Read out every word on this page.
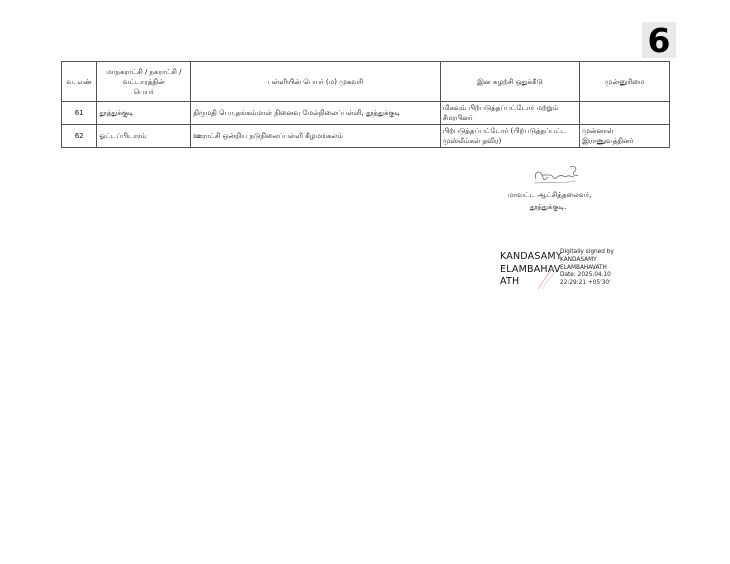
6
வ. எண்	மாநகராட்சி / நகராட்சி /
வட்டாரத்தின்
பெயர்	பள்ளியின் பெயர் (ம) முகவரி	இன சுழற்சி ஒதுக்கீடு	முன்னுரிமை
61	தூத்துக்குடி	திருமதி பொ.தங்கம்மாள் நினைவு மேல்நிலைப்பள்ளி, தூத்துக்குடி	மிகவும் பிற்படுத்தப்பட்டோர் மற்றும்
சீமரபினர்	

62	ஓட்டப்பிடாரம்	ஊராட்சி ஒன்றிய நடுநிலைப்பள்ளி கீழமங்கலம்	பிற்படுத்தப்பட்டோர் (பிற்படுத்தப்பட்ட
முஸ்லீம்கள் தவிர)	முன்னாள்
இராணுவத்தினர்
மாவட்ட ஆட்சித்தலைவர்,
தூத்துக்குடி.
KANDASAMY
ELAMBAHAV
ATH
Digitally signed by
KANDASAMY
ELAMBAHAVATH
Date: 2025.04.10
22:29:21 +05'30'
